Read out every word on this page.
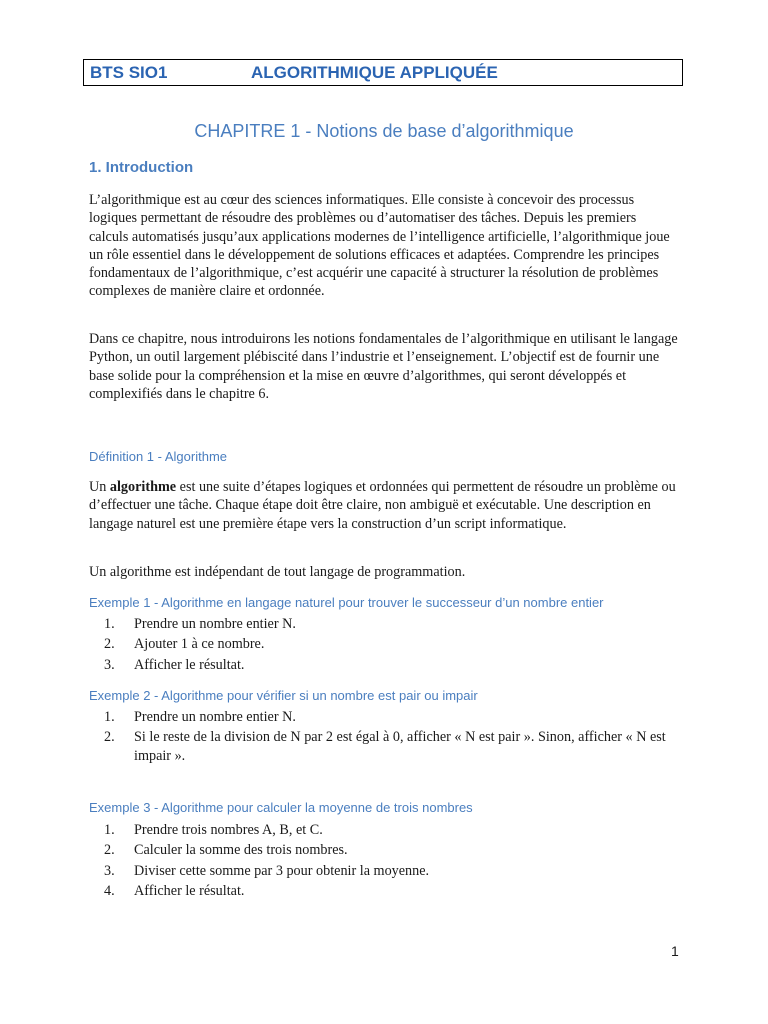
BTS SIO1	ALGORITHMIQUE APPLIQUÉE
CHAPITRE 1 - Notions de base d’algorithmique
1. Introduction

L’algorithmique est au cœur des sciences informatiques. Elle consiste à concevoir des processus logiques permettant de résoudre des problèmes ou d’automatiser des tâches. Depuis les premiers calculs automatisés jusqu’aux applications modernes de l’intelligence artificielle, l’algorithmique joue un rôle essentiel dans le développement de solutions efficaces et adaptées. Comprendre les principes fondamentaux de l’algorithmique, c’est acquérir une capacité à structurer la résolution de problèmes complexes de manière claire et ordonnée.

Dans ce chapitre, nous introduirons les notions fondamentales de l’algorithmique en utilisant le langage Python, un outil largement plébiscité dans l’industrie et l’enseignement. L’objectif est de fournir une base solide pour la compréhension et la mise en œuvre d’algorithmes, qui seront développés et complexifiés dans le chapitre 6.

Définition 1 - Algorithme

Un algorithme est une suite d’étapes logiques et ordonnées qui permettent de résoudre un problème ou d’effectuer une tâche. Chaque étape doit être claire, non ambiguë et exécutable. Une description en langage naturel est une première étape vers la construction d’un script informatique.

Un algorithme est indépendant de tout langage de programmation.

Exemple 1 - Algorithme en langage naturel pour trouver le successeur d’un nombre entier
1.	Prendre un nombre entier N.
2.	Ajouter 1 à ce nombre.
3.	Afficher le résultat.
Exemple 2 - Algorithme pour vérifier si un nombre est pair ou impair
1.	Prendre un nombre entier N.
2.	Si le reste de la division de N par 2 est égal à 0, afficher « N est pair ». Sinon, afficher « N est impair ».
Exemple 3 - Algorithme pour calculer la moyenne de trois nombres
1.	Prendre trois nombres A, B, et C.
2.	Calculer la somme des trois nombres.
3.	Diviser cette somme par 3 pour obtenir la moyenne.
4.	Afficher le résultat.
1
